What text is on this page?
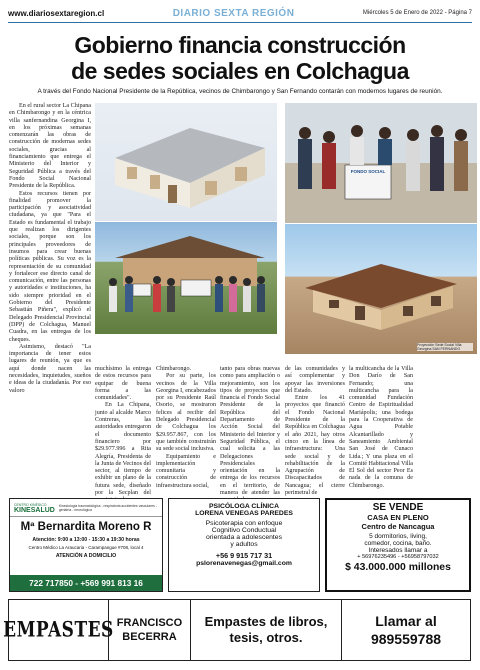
www.diariosextaregion.cl	DIARIO SEXTA REGIÓN	Miércoles 5 de Enero de 2022 - Página 7
Gobierno financia construcción
de sedes sociales en Colchagua
A través del Fondo Nacional Presidente de la República, vecinos de Chimbarongo y San Fernando contarán con modernos lugares de reunión.

En el rural sector La Chipana en Chimbarongo y en la céntrica villa sanfernandina Georgina I, en los próximas semanas comenzarán las obras de construcción de modernas sedes sociales, gracias al financiamiento que entrega el Ministerio del Interior y Seguridad Pública a través del Fondo Social Nacional Presidente de la República.

Estos recursos tienen por finalidad promover la participación y asociatividad ciudadana, ya que "Para el Estado es fundamental el trabajo que realizan los dirigentes sociales, porque son los principales proveedores de insumos para crear buenas políticas públicas. Su voz es la representación de su comunidad y fortalecer ese directo canal de comunicación, entre las personas y autoridades e instituciones, ha sido siempre prioridad en el Gobierno del Presidente Sebastián Piñera", explicó el Delegado Presidencial Provincial (DPP) de Colchagua, Manuel Cuadra, en las entregas de los cheques.

Asimismo, destacó "La importancia de tener estos lugares de reunión, ya que es aquí donde nacen las necesidades, inquietudes, sueños e ideas de la ciudadanía. Por eso valoro

FONDO SOCIAL
Proyección Sede Social Villa Georgina SAN FERNANDO

muchísimo la entrega de estos recursos para equipar de buena forma a las comunidades".

En La Chipana, junto al alcalde Marco Contreras, las autoridades entregaron el documento financiero por $29.977.996 a Rita Alegría, Presidenta de la Junta de Vecinos del sector, al tiempo de exhibir un plano de la futura sede, diseñado por la Secplan del

Chimbarongo.

Por su parte, los vecinos de la Villa Georgina I, encabezados por su Presidente Raúl Osorio, se mostraron felices al recibir del Delegado Presidencial de Colchagua los $29.957.867, con los que también construirán su sede social inclusiva.

Equipamiento e implementación comunitaria y construcción de infraestructura social,

tanto para obras nuevas como para ampliación o mejoramiento, son los tipos de proyectos que financia el Fondo Social Presidente de la República del Departamento de Acción Social del Ministerio del Interior y Seguridad Pública, el cual solicita a las Delegaciones Presidenciales orientación en la entrega de los recursos en el territorio, de manera de atender las

de las comunidades y así complementar y apoyar las inversiones del Estado.

Entre los 41 proyectos que financió el Fondo Nacional Presidente de la República en Colchagua el año 2021, hay otros cinco en la línea de infraestructura: Una sede social y de rehabilitación de la Agrupación de Discapacitados de Nancagua; el cierre perimetral de

la multicancha de la Villa Don Darío de San Fernando; una multicancha para la comunidad Fundación Centro de Espiritualidad Mariápolis; una bodega para la Cooperativa de Agua Potable Alcantarillado y Saneamiento Ambiental San José de Cunaco Ltda.; Y una plaza en el Comité Habitacional Villa El Sol del sector Peor Es nada de la comuna de Chimbarongo.

CENTRO KINÉSICO
KINESALUD
Kinesiología traumatológica - respiratoria accidentes vasculares - geriatría - neurológica
Mª Bernardita Moreno R
Atención: 9:00 a 13:00 - 15:30 a 19:30 horas
Centro Médico La Araucaria - Carampangue #708, local 4
ATENCIÓN A DOMICILIO
722 717850 - +569 991 813 16
PSICÓLOGA CLÍNICA
LORENA VENEGAS PAREDES
Psicoterapia con enfoque
Cognitivo Conductual
orientada a adolescentes
y adultos
+56 9 915 717 31
pslorenavenegas@gmail.com
SE VENDE
CASA EN PLENO
Centro de Nancagua
5 dormitorios, living,
comedor, cocina, baño.
Interesados llamar a
+ 56976235496 - +56958797032
$ 43.000.000 millones
EMPASTES FRANCISCO
BECERRA
Empastes de libros,
tesis, otros.
Llamar al
989559788
